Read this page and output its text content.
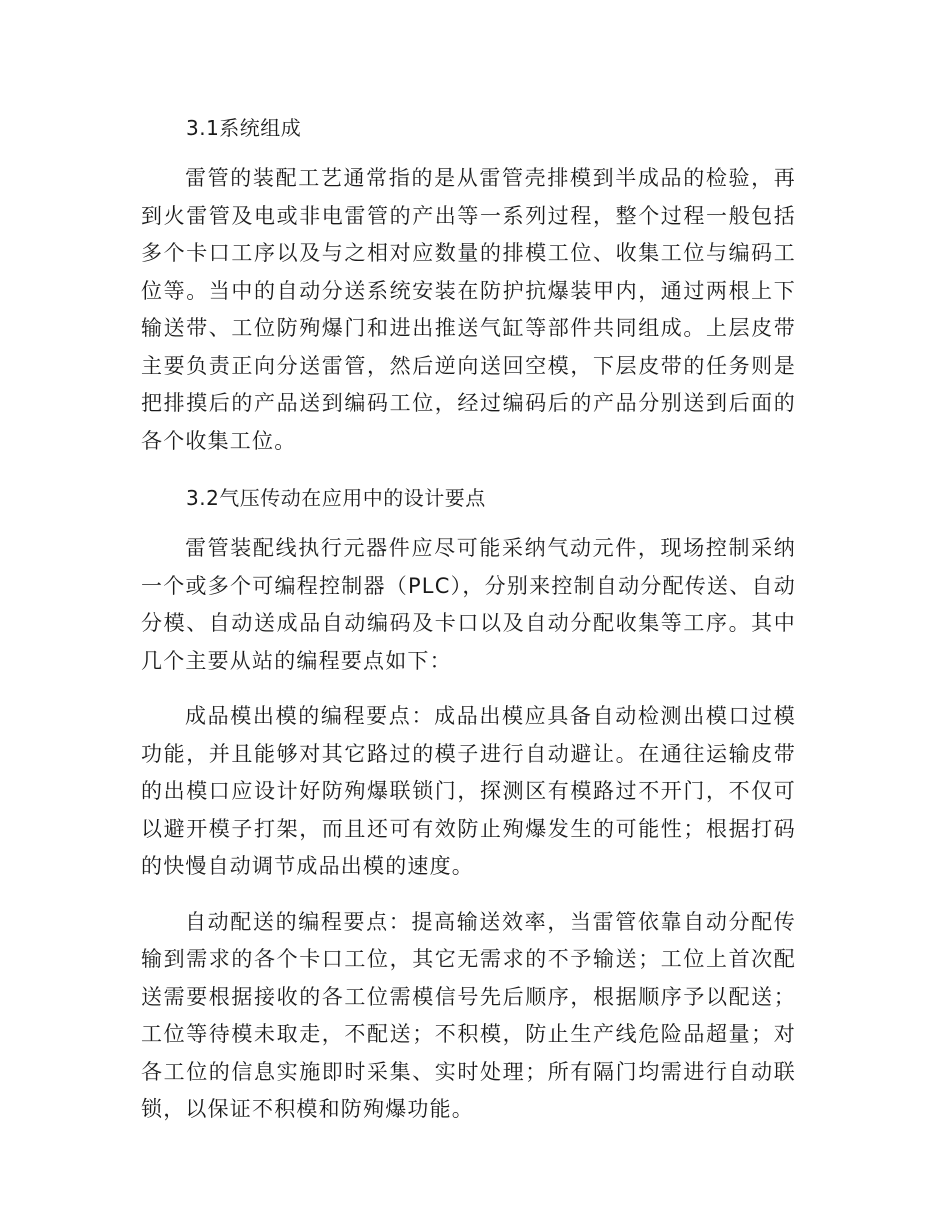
3.1系统组成

雷管的装配工艺通常指的是从雷管壳排模到半成品的检验，再到火雷管及电或非电雷管的产出等一系列过程，整个过程一般包括多个卡口工序以及与之相对应数量的排模工位、收集工位与编码工位等。当中的自动分送系统安装在防护抗爆装甲内，通过两根上下输送带、工位防殉爆门和进出推送气缸等部件共同组成。上层皮带主要负责正向分送雷管，然后逆向送回空模，下层皮带的任务则是把排摸后的产品送到编码工位，经过编码后的产品分别送到后面的各个收集工位。

3.2气压传动在应用中的设计要点

雷管装配线执行元器件应尽可能采纳气动元件，现场控制采纳一个或多个可编程控制器（PLC），分别来控制自动分配传送、自动分模、自动送成品自动编码及卡口以及自动分配收集等工序。其中几个主要从站的编程要点如下：

成品模出模的编程要点：成品出模应具备自动检测出模口过模功能，并且能够对其它路过的模子进行自动避让。在通往运输皮带的出模口应设计好防殉爆联锁门，探测区有模路过不开门，不仅可以避开模子打架，而且还可有效防止殉爆发生的可能性；根据打码的快慢自动调节成品出模的速度。

自动配送的编程要点：提高输送效率，当雷管依靠自动分配传输到需求的各个卡口工位，其它无需求的不予输送；工位上首次配送需要根据接收的各工位需模信号先后顺序，根据顺序予以配送；工位等待模未取走，不配送；不积模，防止生产线危险品超量；对各工位的信息实施即时采集、实时处理；所有隔门均需进行自动联锁，以保证不积模和防殉爆功能。
